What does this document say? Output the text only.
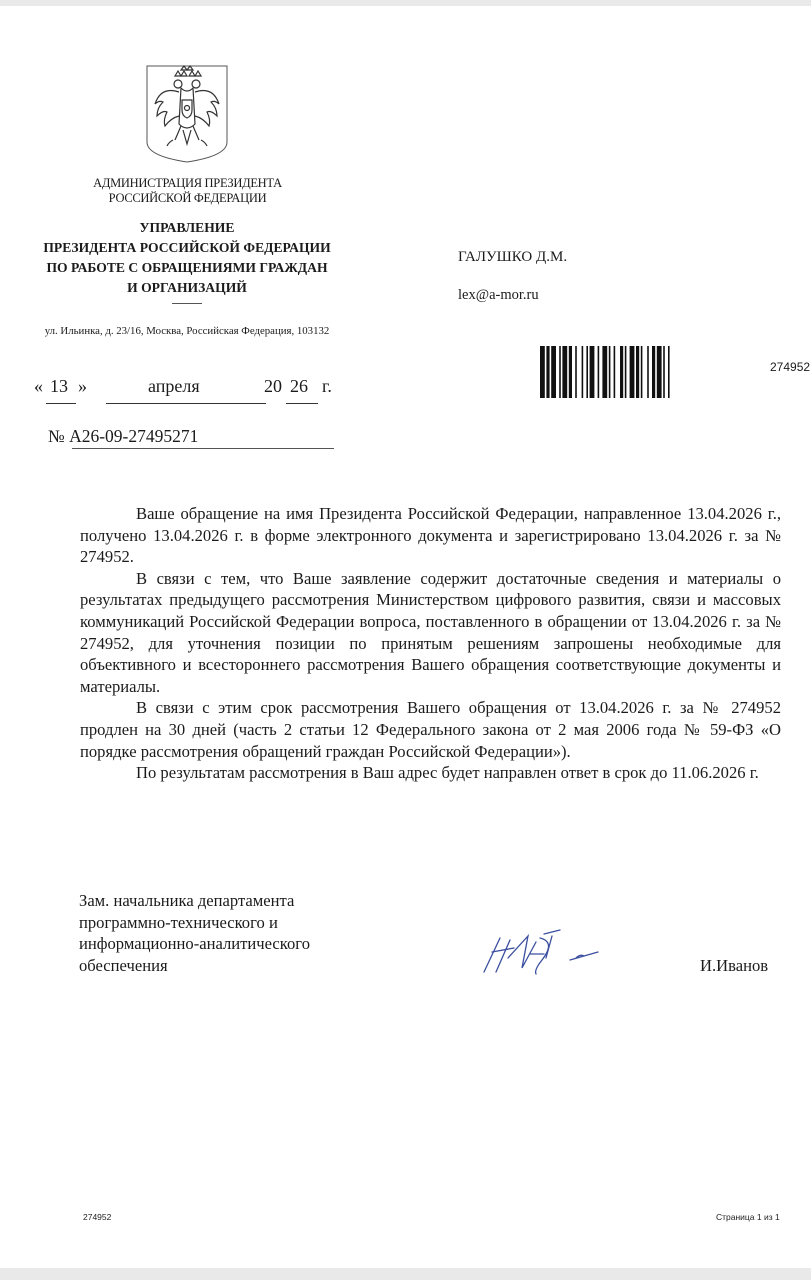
АДМИНИСТРАЦИЯ ПРЕЗИДЕНТА
РОССИЙСКОЙ ФЕДЕРАЦИИ
УПРАВЛЕНИЕ
ПРЕЗИДЕНТА РОССИЙСКОЙ ФЕДЕРАЦИИ
ПО РАБОТЕ С ОБРАЩЕНИЯМИ ГРАЖДАН
И ОРГАНИЗАЦИЙ
ул. Ильинка, д. 23/16, Москва, Российская Федерация, 103132
ГАЛУШКО Д.М.
lex@a-mor.ru
274952
« 13 »	апреля	20 26 г.
№ А26-09-27495271

Ваше обращение на имя Президента Российской Федерации, направленное 13.04.2026 г., получено 13.04.2026 г. в форме электронного документа и зарегистрировано 13.04.2026 г. за № 274952.

В связи с тем, что Ваше заявление содержит достаточные сведения и материалы о результатах предыдущего рассмотрения Министерством цифрового развития, связи и массовых коммуникаций Российской Федерации вопроса, поставленного в обращении от 13.04.2026 г. за № 274952, для уточнения позиции по принятым решениям запрошены необходимые для объективного и всестороннего рассмотрения Вашего обращения соответствующие документы и материалы.

В связи с этим срок рассмотрения Вашего обращения от 13.04.2026 г. за № 274952 продлен на 30 дней (часть 2 статьи 12 Федерального закона от 2 мая 2006 года № 59-ФЗ «О порядке рассмотрения обращений граждан Российской Федерации»).

По результатам рассмотрения в Ваш адрес будет направлен ответ в срок до 11.06.2026 г.

Зам. начальника департамента
программно-технического и
информационно-аналитического
обеспечения	И.Иванов
274952	Страница 1 из 1
